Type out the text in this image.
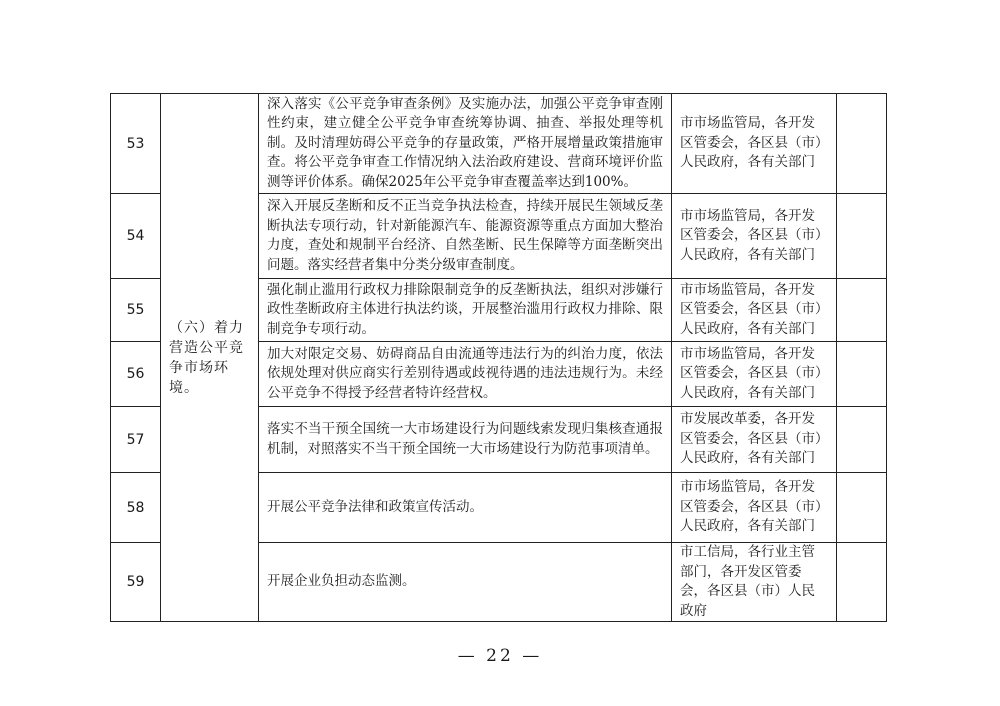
53	（六）着力营造公平竞争市场环境。	深入落实《公平竞争审查条例》及实施办法，加强公平竞争审查刚性约束，建立健全公平竞争审查统筹协调、抽查、举报处理等机制。及时清理妨碍公平竞争的存量政策，严格开展增量政策措施审查。将公平竞争审查工作情况纳入法治政府建设、营商环境评价监测等评价体系。确保2025年公平竞争审查覆盖率达到100%。	市市场监管局，各开发区管委会，各区县（市）人民政府，各有关部门	
54		深入开展反垄断和反不正当竞争执法检查，持续开展民生领域反垄断执法专项行动，针对新能源汽车、能源资源等重点方面加大整治力度，查处和规制平台经济、自然垄断、民生保障等方面垄断突出问题。落实经营者集中分类分级审查制度。	市市场监管局，各开发区管委会，各区县（市）人民政府，各有关部门	
55		强化制止滥用行政权力排除限制竞争的反垄断执法，组织对涉嫌行政性垄断政府主体进行执法约谈，开展整治滥用行政权力排除、限制竞争专项行动。	市市场监管局，各开发区管委会，各区县（市）人民政府，各有关部门	
56		加大对限定交易、妨碍商品自由流通等违法行为的纠治力度，依法依规处理对供应商实行差别待遇或歧视待遇的违法违规行为。未经公平竞争不得授予经营者特许经营权。	市市场监管局，各开发区管委会，各区县（市）人民政府，各有关部门	
57		落实不当干预全国统一大市场建设行为问题线索发现归集核查通报机制，对照落实不当干预全国统一大市场建设行为防范事项清单。	市发展改革委，各开发区管委会，各区县（市）人民政府，各有关部门	
58		开展公平竞争法律和政策宣传活动。	市市场监管局，各开发区管委会，各区县（市）人民政府，各有关部门	
59		开展企业负担动态监测。	市工信局，各行业主管部门，各开发区管委会，各区县（市）人民政府	
— 22 —
